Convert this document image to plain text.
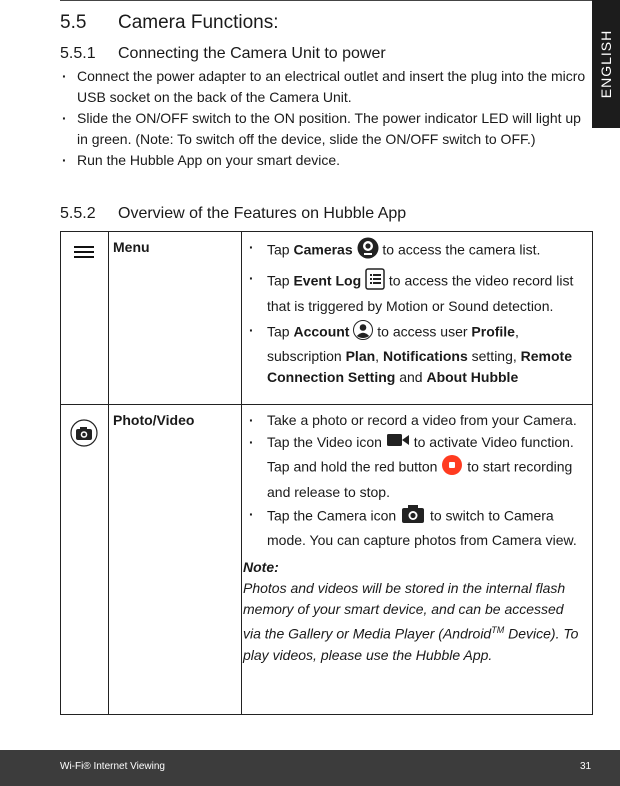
ENGLISH
5.5 Camera Functions:
5.5.1 Connecting the Camera Unit to power
· Connect the power adapter to an electrical outlet and insert the plug into the micro USB socket on the back of the Camera Unit.
· Slide the ON/OFF switch to the ON position. The power indicator LED will light up in green. (Note: To switch off the device, slide the ON/OFF switch to OFF.)
· Run the Hubble App on your smart device.
5.5.2 Overview of the Features on Hubble App
Menu	· Tap Cameras  to access the camera list.
· Tap Event Log  to access the video record list that is triggered by Motion or Sound detection.
· Tap Account  to access user Profile, subscription Plan, Notifications setting, Remote Connection Setting and About Hubble
Photo/Video	· Take a photo or record a video from your Camera.
· Tap the Video icon  to activate Video function. Tap and hold the red button  to start recording and release to stop.
· Tap the Camera icon  to switch to Camera mode. You can capture photos from Camera view.
Note:
Photos and videos will be stored in the internal flash memory of your smart device, and can be accessed via the Gallery or Media Player (Android™ Device). To play videos, please use the Hubble App.
Wi-Fi® Internet Viewing	31
